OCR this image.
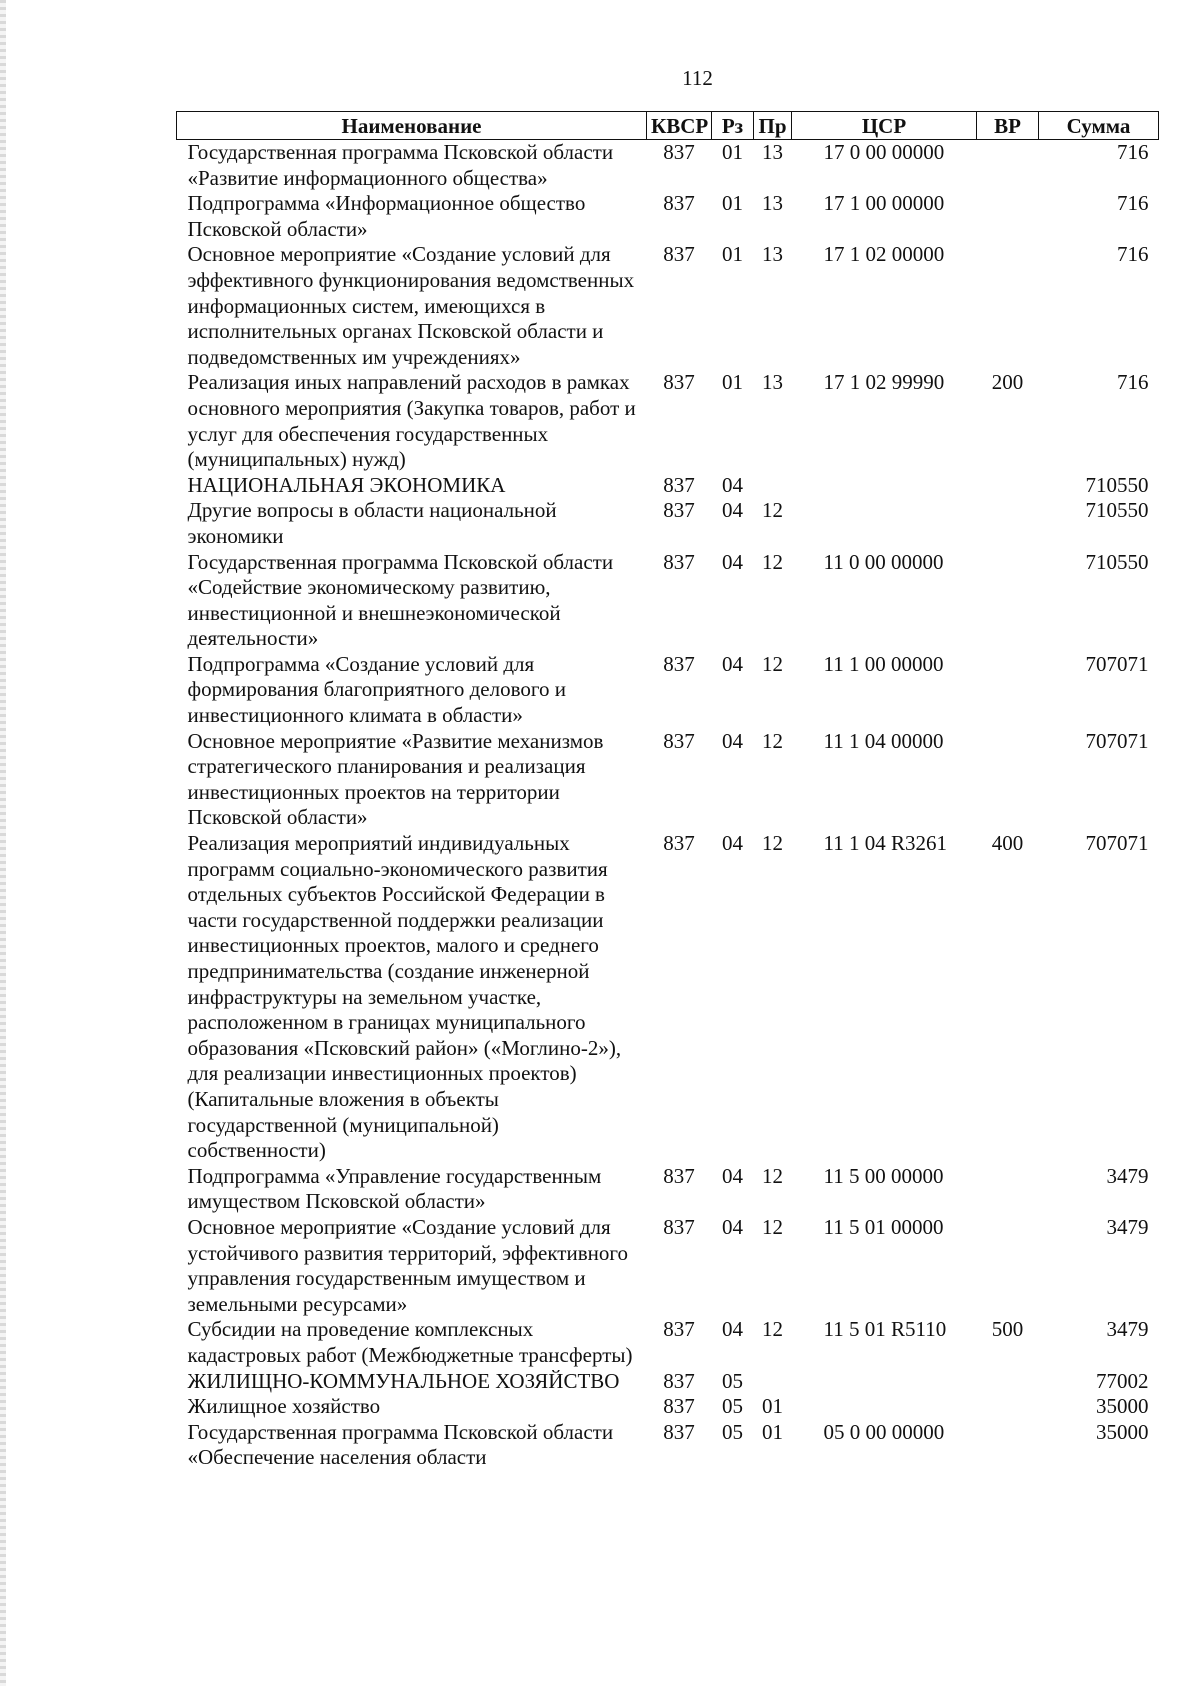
112
Наименование	КВСР	Рз	Пр	ЦСР	ВР	Сумма
Государственная программа Псковской области «Развитие информационного общества»	837	01	13	17 0 00 00000		716
Подпрограмма «Информационное общество Псковской области»	837	01	13	17 1 00 00000		716
Основное мероприятие «Создание условий для эффективного функционирования ведомственных информационных систем, имеющихся в исполнительных органах Псковской области и подведомственных им учреждениях»	837	01	13	17 1 02 00000		716
Реализация иных направлений расходов в рамках основного мероприятия (Закупка товаров, работ и услуг для обеспечения государственных (муниципальных) нужд)	837	01	13	17 1 02 99990	200	716
НАЦИОНАЛЬНАЯ ЭКОНОМИКА	837	04				710550
Другие вопросы в области национальной экономики	837	04	12			710550
Государственная программа Псковской области «Содействие экономическому развитию, инвестиционной и внешнеэкономической деятельности»	837	04	12	11 0 00 00000		710550
Подпрограмма «Создание условий для формирования благоприятного делового и инвестиционного климата в области»	837	04	12	11 1 00 00000		707071
Основное мероприятие «Развитие механизмов стратегического планирования и реализация инвестиционных проектов на территории Псковской области»	837	04	12	11 1 04 00000		707071
Реализация мероприятий индивидуальных программ социально-экономического развития отдельных субъектов Российской Федерации в части государственной поддержки реализации инвестиционных проектов, малого и среднего предпринимательства (создание инженерной инфраструктуры на земельном участке, расположенном в границах муниципального образования «Псковский район» («Моглино-2»), для реализации инвестиционных проектов) (Капитальные вложения в объекты государственной (муниципальной) собственности)	837	04	12	11 1 04 R3261	400	707071
Подпрограмма «Управление государственным имуществом Псковской области»	837	04	12	11 5 00 00000		3479
Основное мероприятие «Создание условий для устойчивого развития территорий, эффективного управления государственным имуществом и земельными ресурсами»	837	04	12	11 5 01 00000		3479
Субсидии на проведение комплексных кадастровых работ (Межбюджетные трансферты)	837	04	12	11 5 01 R5110	500	3479
ЖИЛИЩНО-КОММУНАЛЬНОЕ ХОЗЯЙСТВО	837	05				77002
Жилищное хозяйство	837	05	01			35000
Государственная программа Псковской области «Обеспечение населения области	837	05	01	05 0 00 00000		35000
